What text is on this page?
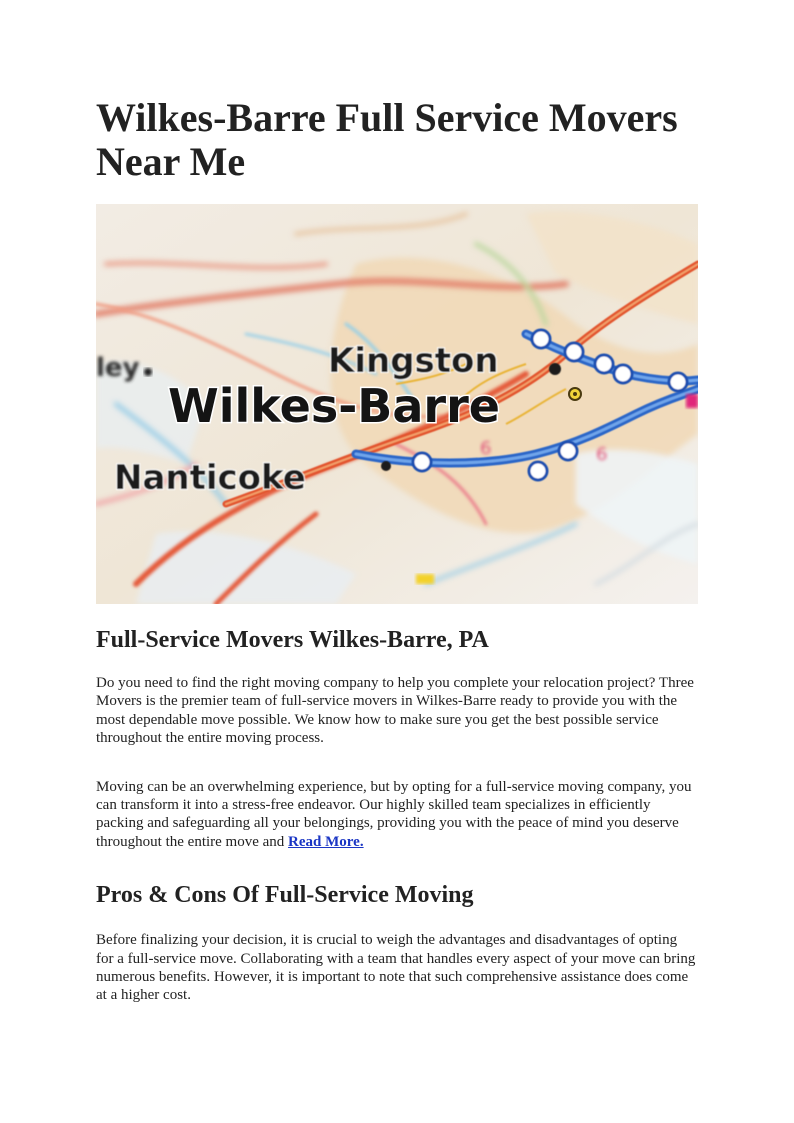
Wilkes-Barre Full Service Movers Near Me
ley	Kingston
Wilkes-Barre
Nanticoke
6	6
Full-Service Movers Wilkes-Barre, PA

Do you need to find the right moving company to help you complete your relocation project? Three Movers is the premier team of full-service movers in Wilkes-Barre ready to provide you with the most dependable move possible. We know how to make sure you get the best possible service throughout the entire moving process.

Moving can be an overwhelming experience, but by opting for a full-service moving company, you can transform it into a stress-free endeavor. Our highly skilled team specializes in efficiently packing and safeguarding all your belongings, providing you with the peace of mind you deserve throughout the entire move and Read More.

Pros & Cons Of Full-Service Moving

Before finalizing your decision, it is crucial to weigh the advantages and disadvantages of opting for a full-service move. Collaborating with a team that handles every aspect of your move can bring numerous benefits. However, it is important to note that such comprehensive assistance does come at a higher cost.
